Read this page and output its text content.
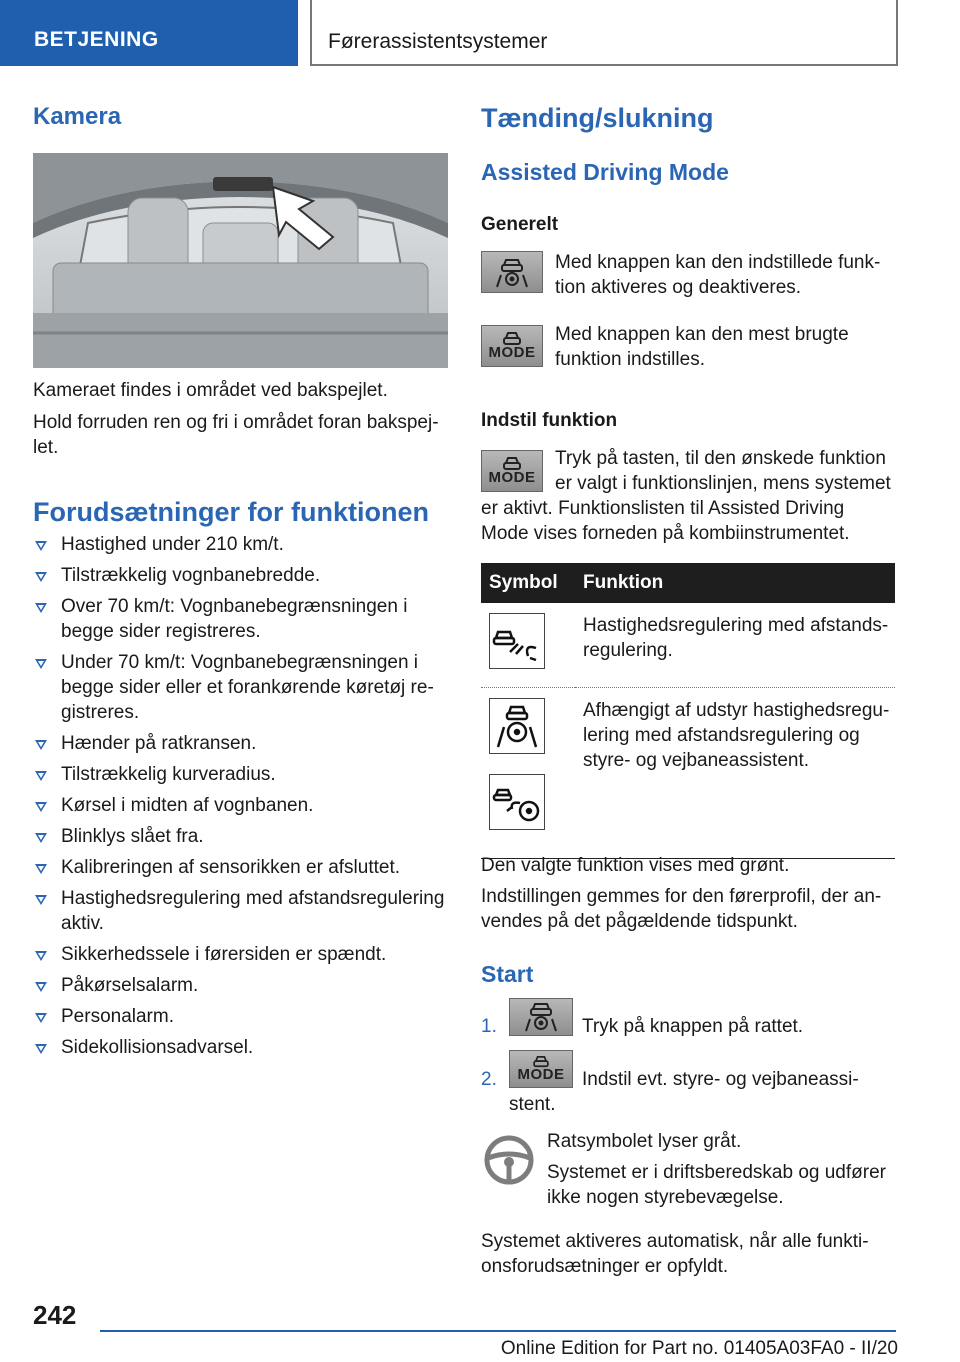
BETJENING	Førerassistentsystemer
Kamera
Kameraet findes i området ved bakspejlet.
Hold forruden ren og fri i området foran bakspej-
let.
Forudsætninger for funktionen
Hastighed under 210 km/t.
Tilstrækkelig vognbanebredde.
Over 70 km/t: Vognbanebegrænsningen i begge sider registreres.
Under 70 km/t: Vognbanebegrænsningen i begge sider eller et forankørende køretøj re-gistreres.
Hænder på ratkransen.
Tilstrækkelig kurveradius.
Kørsel i midten af vognbanen.
Blinklys slået fra.
Kalibreringen af sensorikken er afsluttet.
Hastighedsregulering med afstandsregulering aktiv.
Sikkerhedssele i førersiden er spændt.
Påkørselsalarm.
Personalarm.
Sidekollisionsadvarsel.
Tænding/slukning
Assisted Driving Mode
Generelt
Med knappen kan den indstillede funk-tion aktiveres og deaktiveres.
MODE
Med knappen kan den mest brugte funktion indstilles.
Indstil funktion
MODE
Tryk på tasten, til den ønskede funktion er valgt i funktionslinjen, mens systemet
er aktivt. Funktionslisten til Assisted Driving Mode vises forneden på kombiinstrumentet.
Symbol	Funktion

	Hastighedsregulering med afstands-regulering.

	Afhængigt af udstyr hastighedsregu-lering med afstandsregulering og styre- og vejbaneassistent.
Den valgte funktion vises med grønt.
Indstillingen gemmes for den førerprofil, der an-vendes på det pågældende tidspunkt.
Start
1.	Tryk på knappen på rattet.
2. MODE Indstil evt. styre- og vejbaneassi-
stent.
Ratsymbolet lyser gråt.
Systemet er i driftsberedskab og udfører ikke nogen styrebevægelse.
Systemet aktiveres automatisk, når alle funkti-onsforudsætninger er opfyldt.
242
Online Edition for Part no. 01405A03FA0 - II/20
